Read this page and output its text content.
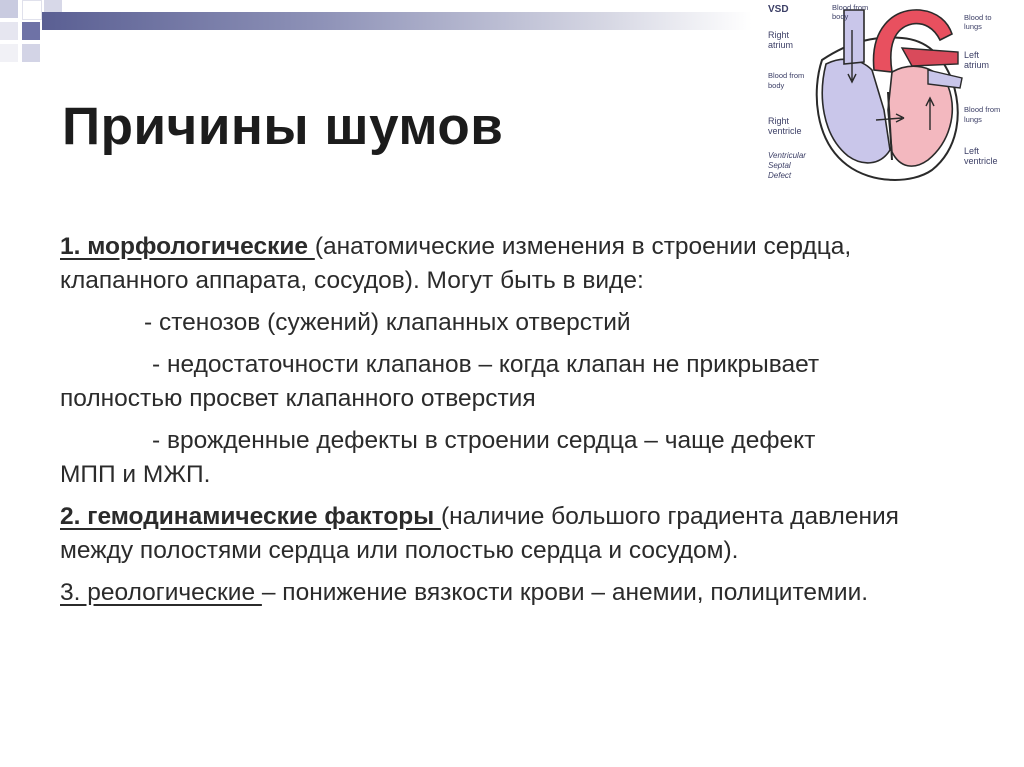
Причины шумов
VSD	Blood from
body	Blood to
lungs
Right
atrium
Left
atrium
Blood from
body
Blood from
lungs
Right
ventricle
Left
ventricle
Ventricular
Septal
Defect

1. морфологические (анатомические изменения в строении сердца, клапанного аппарата, сосудов). Могут быть в виде:

- стенозов (сужений) клапанных отверстий

- недостаточности клапанов – когда клапан не прикрывает

полностью просвет клапанного отверстия

- врожденные дефекты в строении сердца – чаще дефект

МПП и МЖП.

2. гемодинамические факторы (наличие большого градиента давления между полостями сердца или полостью сердца и сосудом).

3. реологические – понижение вязкости крови – анемии, полицитемии.
